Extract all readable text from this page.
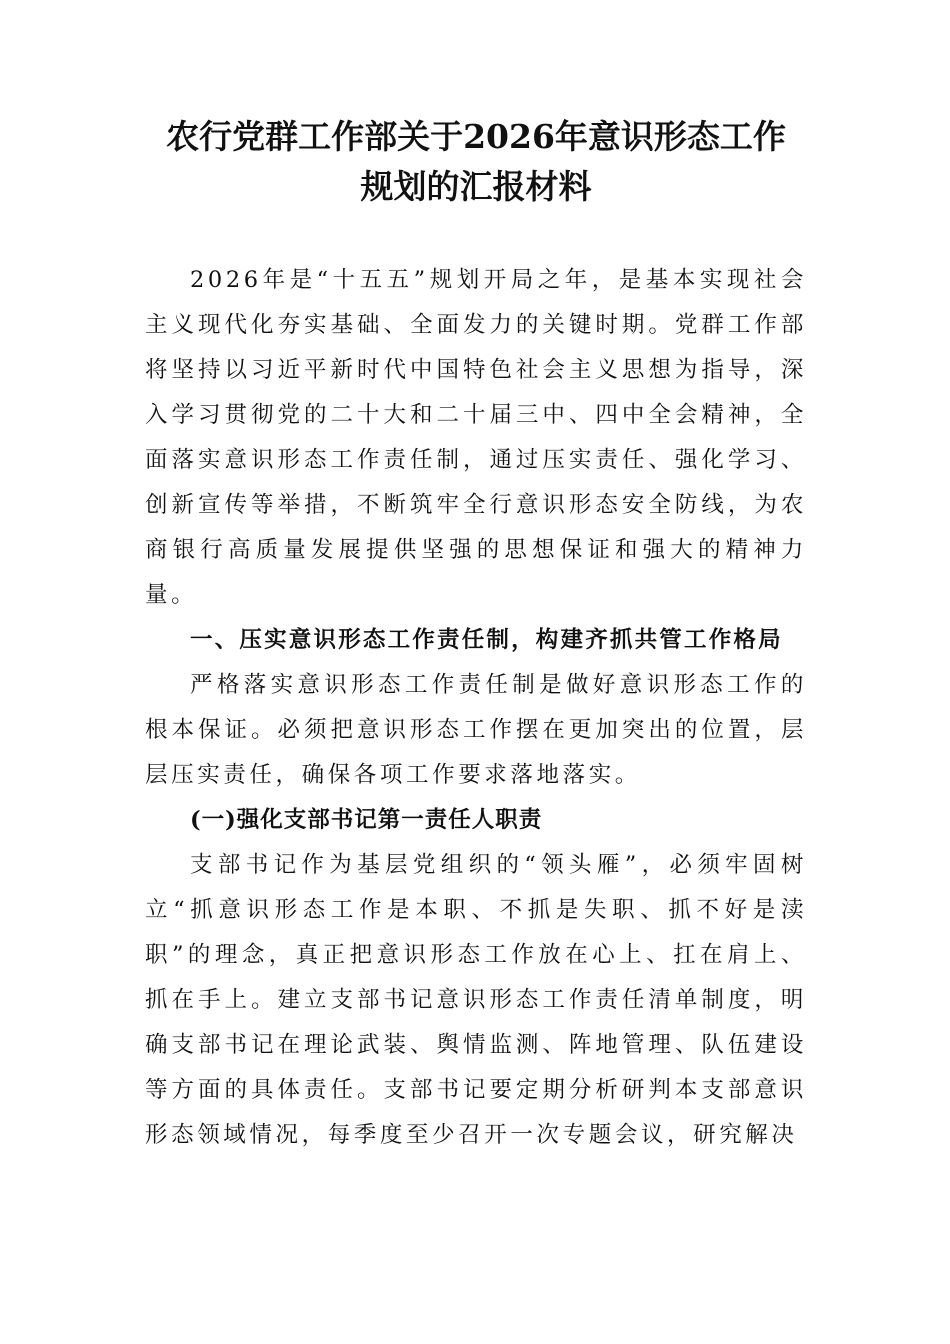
农行党群工作部关于2026年意识形态工作
规划的汇报材料

2026年是“十五五”规划开局之年，是基本实现社会主义现代化夯实基础、全面发力的关键时期。党群工作部将坚持以习近平新时代中国特色社会主义思想为指导，深入学习贯彻党的二十大和二十届三中、四中全会精神，全面落实意识形态工作责任制，通过压实责任、强化学习、创新宣传等举措，不断筑牢全行意识形态安全防线，为农商银行高质量发展提供坚强的思想保证和强大的精神力量。

一、压实意识形态工作责任制，构建齐抓共管工作格局

严格落实意识形态工作责任制是做好意识形态工作的根本保证。必须把意识形态工作摆在更加突出的位置，层层压实责任，确保各项工作要求落地落实。

(一)强化支部书记第一责任人职责

支部书记作为基层党组织的“领头雁”，必须牢固树立“抓意识形态工作是本职、不抓是失职、抓不好是渎职”的理念，真正把意识形态工作放在心上、扛在肩上、抓在手上。建立支部书记意识形态工作责任清单制度，明确支部书记在理论武装、舆情监测、阵地管理、队伍建设等方面的具体责任。支部书记要定期分析研判本支部意识形态领域情况，每季度至少召开一次专题会议，研究解决
